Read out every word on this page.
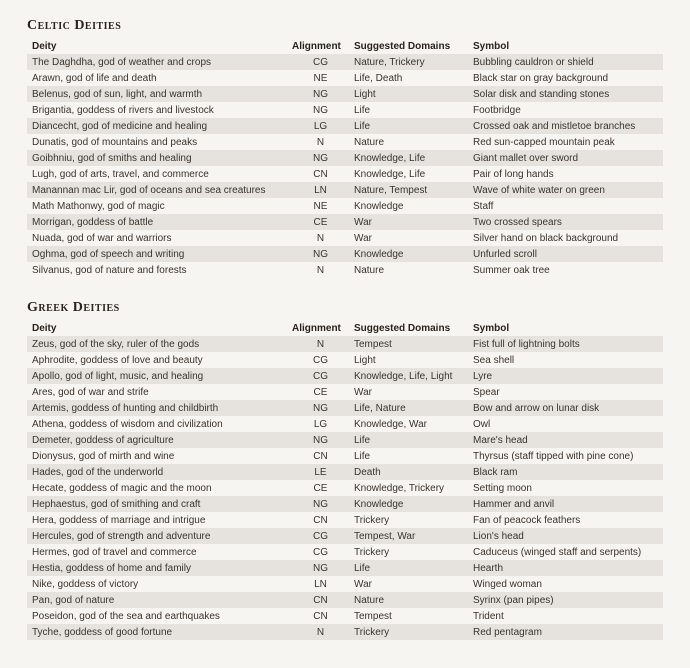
Celtic Deities
Deity	Alignment	Suggested Domains	Symbol
The Daghdha, god of weather and crops	CG	Nature, Trickery	Bubbling cauldron or shield
Arawn, god of life and death	NE	Life, Death	Black star on gray background
Belenus, god of sun, light, and warmth	NG	Light	Solar disk and standing stones
Brigantia, goddess of rivers and livestock	NG	Life	Footbridge
Diancecht, god of medicine and healing	LG	Life	Crossed oak and mistletoe branches
Dunatis, god of mountains and peaks	N	Nature	Red sun-capped mountain peak
Goibhniu, god of smiths and healing	NG	Knowledge, Life	Giant mallet over sword
Lugh, god of arts, travel, and commerce	CN	Knowledge, Life	Pair of long hands
Manannan mac Lir, god of oceans and sea creatures	LN	Nature, Tempest	Wave of white water on green
Math Mathonwy, god of magic	NE	Knowledge	Staff
Morrigan, goddess of battle	CE	War	Two crossed spears
Nuada, god of war and warriors	N	War	Silver hand on black background
Oghma, god of speech and writing	NG	Knowledge	Unfurled scroll
Silvanus, god of nature and forests	N	Nature	Summer oak tree
Greek Deities
Deity	Alignment	Suggested Domains	Symbol
Zeus, god of the sky, ruler of the gods	N	Tempest	Fist full of lightning bolts
Aphrodite, goddess of love and beauty	CG	Light	Sea shell
Apollo, god of light, music, and healing	CG	Knowledge, Life, Light	Lyre
Ares, god of war and strife	CE	War	Spear
Artemis, goddess of hunting and childbirth	NG	Life, Nature	Bow and arrow on lunar disk
Athena, goddess of wisdom and civilization	LG	Knowledge, War	Owl
Demeter, goddess of agriculture	NG	Life	Mare's head
Dionysus, god of mirth and wine	CN	Life	Thyrsus (staff tipped with pine cone)
Hades, god of the underworld	LE	Death	Black ram
Hecate, goddess of magic and the moon	CE	Knowledge, Trickery	Setting moon
Hephaestus, god of smithing and craft	NG	Knowledge	Hammer and anvil
Hera, goddess of marriage and intrigue	CN	Trickery	Fan of peacock feathers
Hercules, god of strength and adventure	CG	Tempest, War	Lion's head
Hermes, god of travel and commerce	CG	Trickery	Caduceus (winged staff and serpents)
Hestia, goddess of home and family	NG	Life	Hearth
Nike, goddess of victory	LN	War	Winged woman
Pan, god of nature	CN	Nature	Syrinx (pan pipes)
Poseidon, god of the sea and earthquakes	CN	Tempest	Trident
Tyche, goddess of good fortune	N	Trickery	Red pentagram
